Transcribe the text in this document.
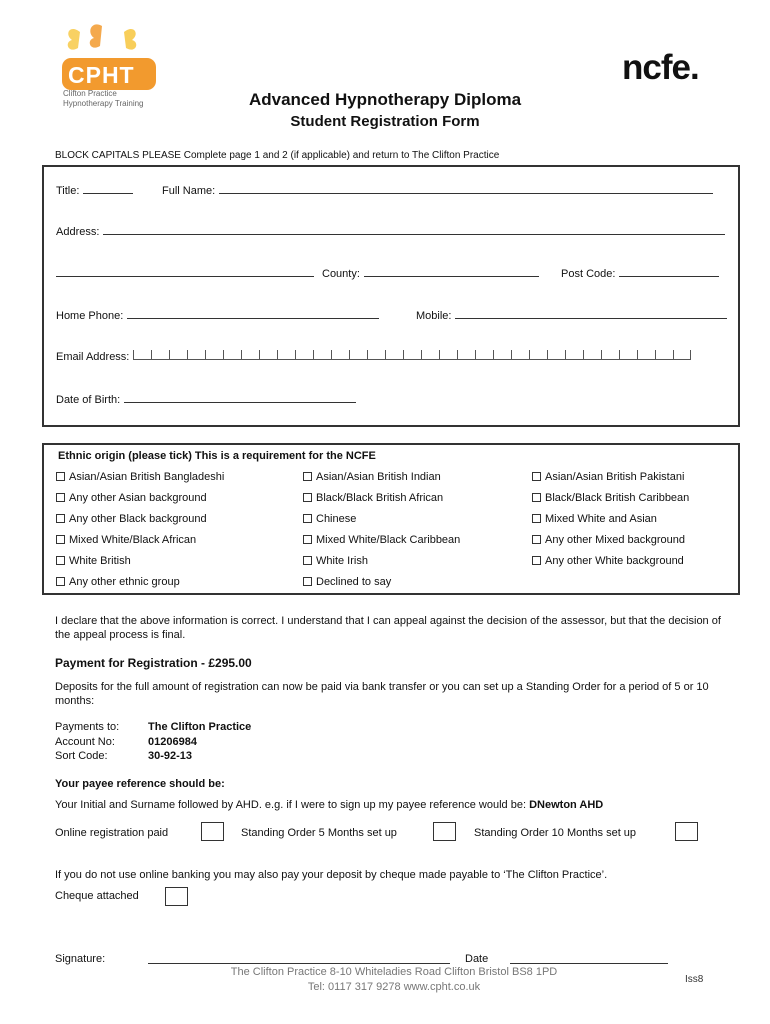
CPHT
Clifton Practice
Hypnotherapy Training
ncfe.
Advanced Hypnotherapy Diploma
Student Registration Form
BLOCK CAPITALS PLEASE Complete page 1 and 2 (if applicable) and return to The Clifton Practice
Title:	Full Name:
Address:
County:	Post Code:
Home Phone:	Mobile:
Email Address:
Date of Birth:
Ethnic origin (please tick) This is a requirement for the NCFE
Asian/Asian British Bangladeshi	Asian/Asian British Indian	Asian/Asian British Pakistani
Any other Asian background	Black/Black British African	Black/Black British Caribbean
Any other Black background	Chinese	Mixed White and Asian
Mixed White/Black African	Mixed White/Black Caribbean	Any other Mixed background
White British	White Irish	Any other White background
Any other ethnic group	Declined to say
I declare that the above information is correct. I understand that I can appeal against the decision of the assessor, but that the decision of the appeal process is final.
Payment for Registration - £295.00
Deposits for the full amount of registration can now be paid via bank transfer or you can set up a Standing Order for a period of 5 or 10 months:
Payments to:	The Clifton Practice
Account No:	01206984
Sort Code:	30-92-13
Your payee reference should be:
Your Initial and Surname followed by AHD. e.g. if I were to sign up my payee reference would be: DNewton AHD
Online registration paid	Standing Order 5 Months set up	Standing Order 10 Months set up
If you do not use online banking you may also pay your deposit by cheque made payable to ‘The Clifton Practice’.
Cheque attached
Signature:	Date
The Clifton Practice 8-10 Whiteladies Road Clifton Bristol BS8 1PD
Tel: 0117 317 9278 www.cpht.co.uk
Iss8
